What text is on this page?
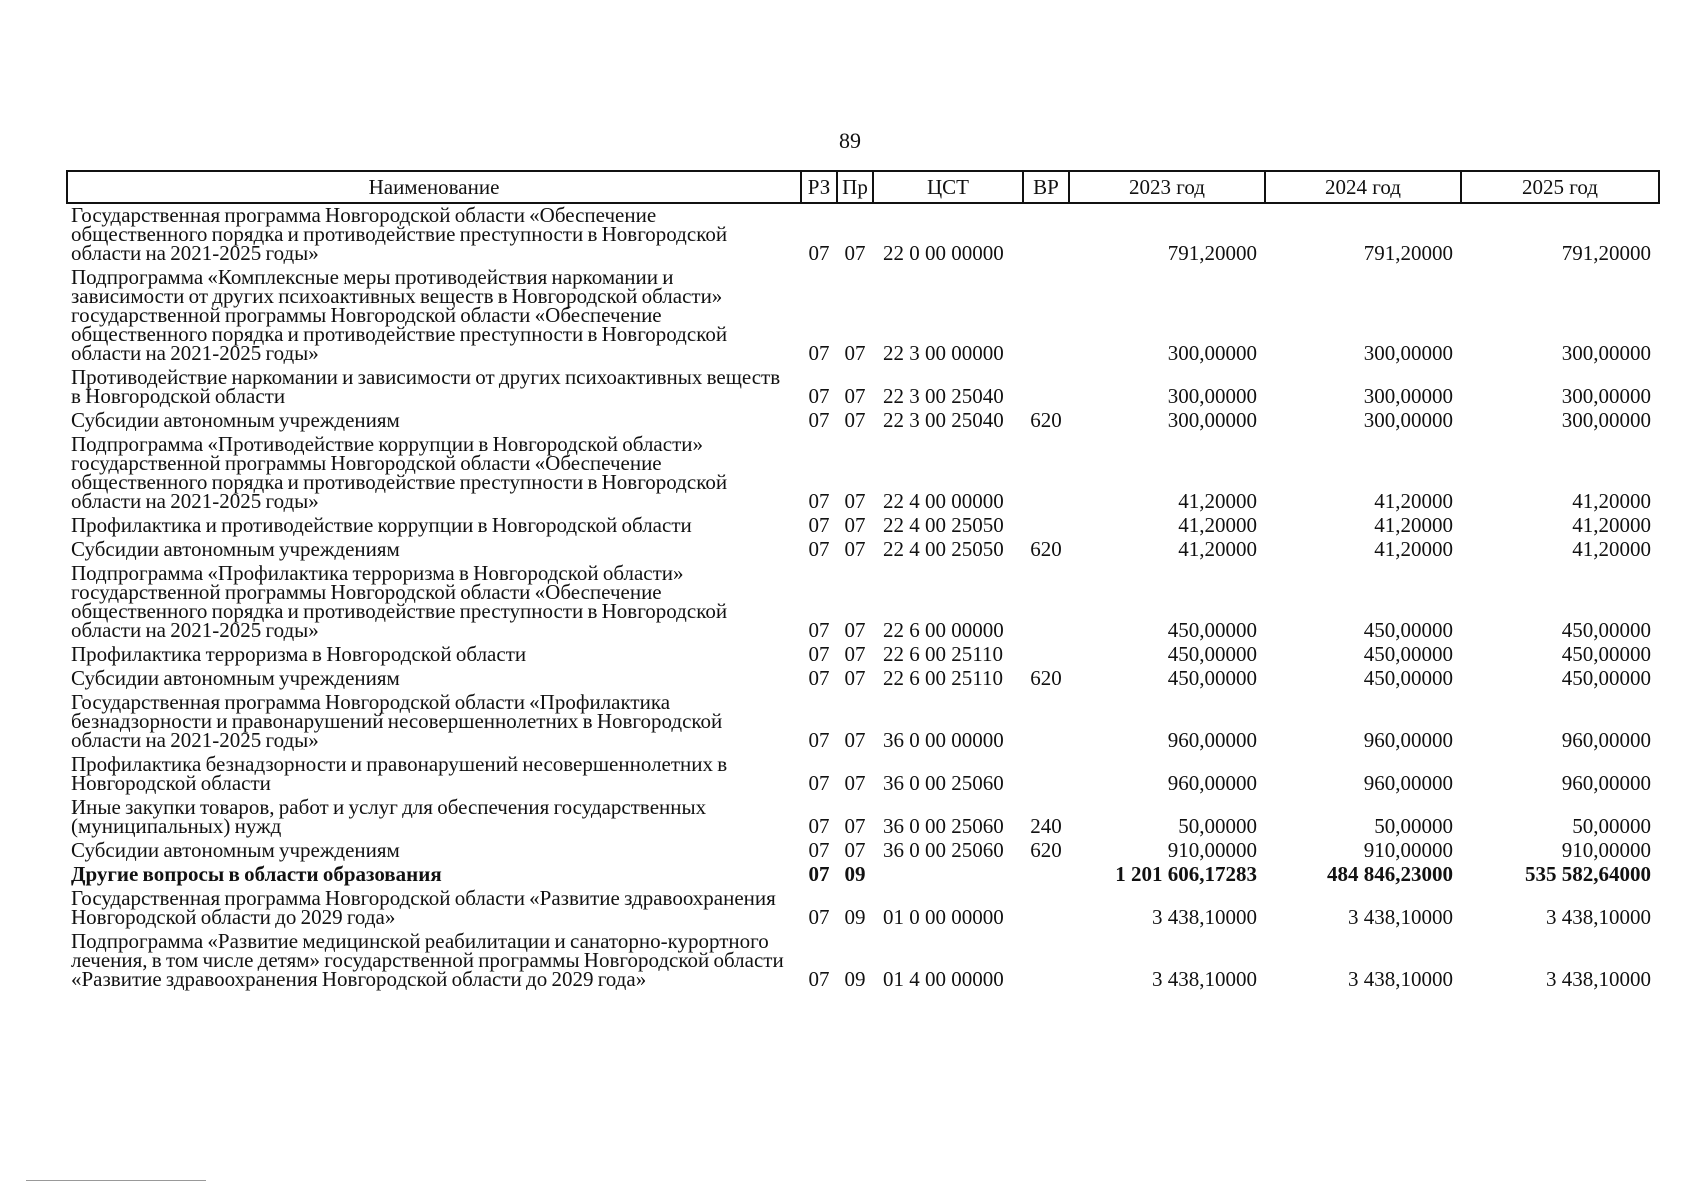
89
Наименование	РЗ	Пр	ЦСТ	ВР	2023 год	2024 год	2025 год
Государственная программа Новгородской области «Обеспечение общественного порядка и противодействие преступности в Новгородской области на 2021-2025 годы»	07	07	22 0 00 00000		791,20000	791,20000	791,20000
Подпрограмма «Комплексные меры противодействия наркомании и зависимости от других психоактивных веществ в Новгородской области» государственной программы Новгородской области «Обеспечение общественного порядка и противодействие преступности в Новгородской области на 2021-2025 годы»	07	07	22 3 00 00000		300,00000	300,00000	300,00000
Противодействие наркомании и зависимости от других психоактивных веществ в Новгородской области	07	07	22 3 00 25040		300,00000	300,00000	300,00000
Субсидии автономным учреждениям	07	07	22 3 00 25040	620	300,00000	300,00000	300,00000
Подпрограмма «Противодействие коррупции в Новгородской области» государственной программы Новгородской области «Обеспечение общественного порядка и противодействие преступности в Новгородской области на 2021-2025 годы»	07	07	22 4 00 00000		41,20000	41,20000	41,20000
Профилактика и противодействие коррупции в Новгородской области	07	07	22 4 00 25050		41,20000	41,20000	41,20000
Субсидии автономным учреждениям	07	07	22 4 00 25050	620	41,20000	41,20000	41,20000
Подпрограмма «Профилактика терроризма в Новгородской области» государственной программы Новгородской области «Обеспечение общественного порядка и противодействие преступности в Новгородской области на 2021-2025 годы»	07	07	22 6 00 00000		450,00000	450,00000	450,00000
Профилактика терроризма в Новгородской области	07	07	22 6 00 25110		450,00000	450,00000	450,00000
Субсидии автономным учреждениям	07	07	22 6 00 25110	620	450,00000	450,00000	450,00000
Государственная программа Новгородской области «Профилактика безнадзорности и правонарушений несовершеннолетних в Новгородской области на 2021-2025 годы»	07	07	36 0 00 00000		960,00000	960,00000	960,00000
Профилактика безнадзорности и правонарушений несовершеннолетних в Новгородской области	07	07	36 0 00 25060		960,00000	960,00000	960,00000
Иные закупки товаров, работ и услуг для обеспечения государственных (муниципальных) нужд	07	07	36 0 00 25060	240	50,00000	50,00000	50,00000
Субсидии автономным учреждениям	07	07	36 0 00 25060	620	910,00000	910,00000	910,00000
Другие вопросы в области образования	07	09			1 201 606,17283	484 846,23000	535 582,64000
Государственная программа Новгородской области «Развитие здравоохранения Новгородской области до 2029 года»	07	09	01 0 00 00000		3 438,10000	3 438,10000	3 438,10000
Подпрограмма «Развитие медицинской реабилитации и санаторно-курортного лечения, в том числе детям» государственной программы Новгородской области «Развитие здравоохранения Новгородской области до 2029 года»	07	09	01 4 00 00000		3 438,10000	3 438,10000	3 438,10000
